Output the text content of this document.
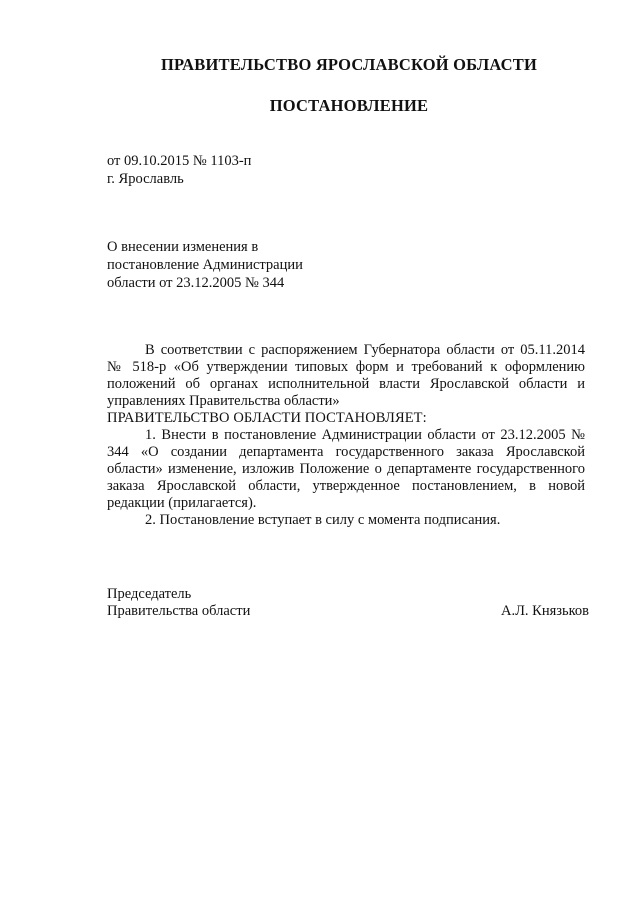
ПРАВИТЕЛЬСТВО ЯРОСЛАВСКОЙ ОБЛАСТИ
ПОСТАНОВЛЕНИЕ
от 09.10.2015 № 1103-п
г. Ярославль
О внесении изменения в
постановление Администрации
области от 23.12.2005 № 344

В соответствии с распоряжением Губернатора области от 05.11.2014 № 518-р «Об утверждении типовых форм и требований к оформлению положений об органах исполнительной власти Ярославской области и управлениях Правительства области»

ПРАВИТЕЛЬСТВО ОБЛАСТИ ПОСТАНОВЛЯЕТ:

1. Внести в постановление Администрации области от 23.12.2005 № 344 «О создании департамента государственного заказа Ярославской области» изменение, изложив Положение о департаменте государственного заказа Ярославской области, утвержденное постановлением, в новой редакции (прилагается).

2. Постановление вступает в силу с момента подписания.

Председатель
Правительства области	А.Л. Князьков
